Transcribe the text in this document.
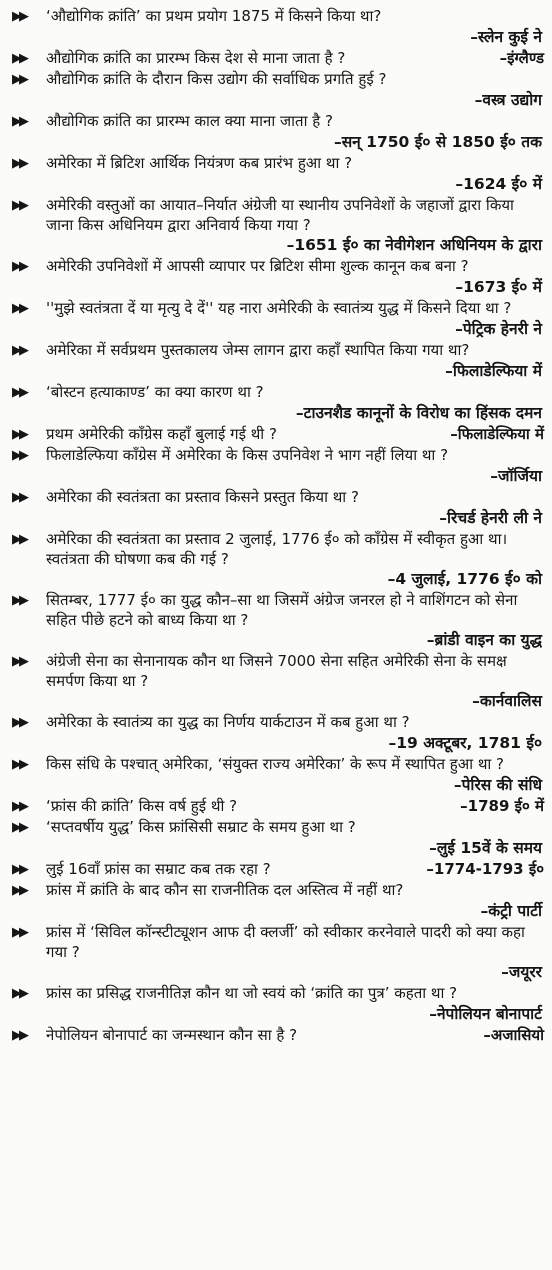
▶▶	‘औद्योगिक क्रांति’ का प्रथम प्रयोग 1875 में किसने किया था?
–स्लेन कुई ने
▶▶	औद्योगिक क्रांति का प्रारम्भ किस देश से माना जाता है ?	–इंग्लैण्ड
▶▶	औद्योगिक क्रांति के दौरान किस उद्योग की सर्वाधिक प्रगति हुई ?
–वस्त्र उद्योग
▶▶	औद्योगिक क्रांति का प्रारम्भ काल क्या माना जाता है ?
–सन् 1750 ई० से 1850 ई० तक
▶▶	अमेरिका में ब्रिटिश आर्थिक नियंत्रण कब प्रारंभ हुआ था ?
–1624 ई० में
▶▶	अमेरिकी वस्तुओं का आयात–निर्यात अंग्रेजी या स्थानीय उपनिवेशों के जहाजों द्वारा किया जाना किस अधिनियम द्वारा अनिवार्य किया गया ?
–1651 ई० का नेवीगेशन अधिनियम के द्वारा
▶▶	अमेरिकी उपनिवेशों में आपसी व्यापार पर ब्रिटिश सीमा शुल्क कानून कब बना ?
–1673 ई० में
▶▶	''मुझे स्वतंत्रता दें या मृत्यु दे दें'' यह नारा अमेरिकी के स्वातंत्र्य युद्ध में किसने दिया था ?
–पेट्रिक हेनरी ने
▶▶	अमेरिका में सर्वप्रथम पुस्तकालय जेम्स लागन द्वारा कहाँ स्थापित किया गया था?
–फिलाडेल्फिया में
▶▶	‘बोस्टन हत्याकाण्ड’ का क्या कारण था ?
–टाउनशैड कानूनों के विरोध का हिंसक दमन
▶▶	प्रथम अमेरिकी काँग्रेस कहाँ बुलाई गई थी ?	–फिलाडेल्फिया में
▶▶	फिलाडेल्फिया काँग्रेस में अमेरिका के किस उपनिवेश ने भाग नहीं लिया था ?
–जॉर्जिया
▶▶	अमेरिका की स्वतंत्रता का प्रस्ताव किसने प्रस्तुत किया था ?
–रिचर्ड हेनरी ली ने
▶▶	अमेरिका की स्वतंत्रता का प्रस्ताव 2 जुलाई, 1776 ई० को काँग्रेस में स्वीकृत हुआ था। स्वतंत्रता की घोषणा कब की गई ?
–4 जुलाई, 1776 ई० को
▶▶	सितम्बर, 1777 ई० का युद्ध कौन–सा था जिसमें अंग्रेज जनरल हो ने वाशिंगटन को सेना सहित पीछे हटने को बाध्य किया था ?
–ब्रांडी वाइन का युद्ध
▶▶	अंग्रेजी सेना का सेनानायक कौन था जिसने 7000 सेना सहित अमेरिकी सेना के समक्ष समर्पण किया था ?
–कार्नवालिस
▶▶	अमेरिका के स्वातंत्र्य का युद्ध का निर्णय यार्कटाउन में कब हुआ था ?
–19 अक्टूबर, 1781 ई०
▶▶	किस संधि के पश्चात् अमेरिका, ‘संयुक्त राज्य अमेरिका’ के रूप में स्थापित हुआ था ?
–पेरिस की संधि
▶▶	‘फ्रांस की क्रांति’ किस वर्ष हुई थी ?	–1789 ई० में
▶▶	‘सप्तवर्षीय युद्ध’ किस फ्रांसिसी सम्राट के समय हुआ था ?
–लुई 15वें के समय
▶▶	लुई 16वाँ फ्रांस का सम्राट कब तक रहा ?	–1774-1793 ई०
▶▶	फ्रांस में क्रांति के बाद कौन सा राजनीतिक दल अस्तित्व में नहीं था?
–कंट्री पार्टी
▶▶	फ्रांस में ‘सिविल कॉन्स्टीट्यूशन आफ दी क्लर्जी’ को स्वीकार करनेवाले पादरी को क्या कहा गया ?
–जयूरर
▶▶	फ्रांस का प्रसिद्ध राजनीतिज्ञ कौन था जो स्वयं को ‘क्रांति का पुत्र’ कहता था ?
–नेपोलियन बोनापार्ट
▶▶	नेपोलियन बोनापार्ट का जन्मस्थान कौन सा है ?	–अजासियो
